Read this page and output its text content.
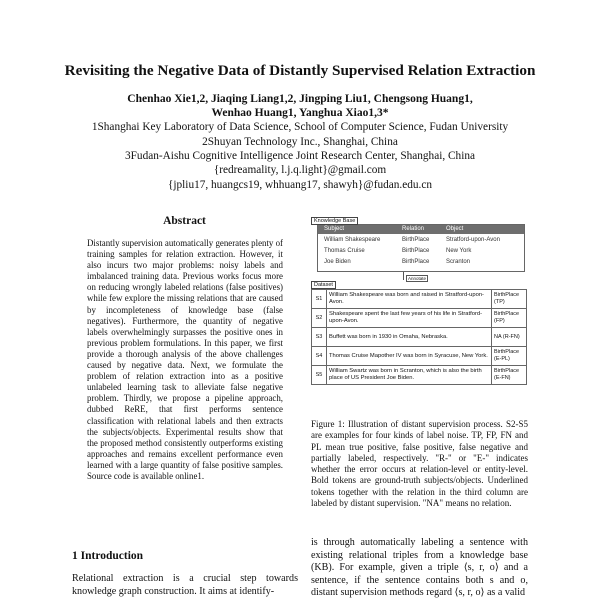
Revisiting the Negative Data of Distantly Supervised Relation Extraction
Chenhao Xie1,2, Jiaqing Liang1,2, Jingping Liu1, Chengsong Huang1,
Wenhao Huang1, Yanghua Xiao1,3*
1Shanghai Key Laboratory of Data Science, School of Computer Science, Fudan University
2Shuyan Technology Inc., Shanghai, China
3Fudan-Aishu Cognitive Intelligence Joint Research Center, Shanghai, China
{redreamality, l.j.q.light}@gmail.com
{jpliu17, huangcs19, whhuang17, shawyh}@fudan.edu.cn
Abstract
Distantly supervision automatically generates plenty of training samples for relation extraction. However, it also incurs two major problems: noisy labels and imbalanced training data. Previous works focus more on reducing wrongly labeled relations (false positives) while few explore the missing relations that are caused by incompleteness of knowledge base (false negatives). Furthermore, the quantity of negative labels overwhelmingly surpasses the positive ones in previous problem formulations. In this paper, we first provide a thorough analysis of the above challenges caused by negative data. Next, we formulate the problem of relation extraction into as a positive unlabeled learning task to alleviate false negative problem. Thirdly, we propose a pipeline approach, dubbed ReRE, that first performs sentence classification with relational labels and then extracts the subjects/objects. Experimental results show that the proposed method consistently outperforms existing approaches and remains excellent performance even learned with a large quantity of false positive samples. Source code is available online1.
1 Introduction
Relational extraction is a crucial step towards knowledge graph construction. It aims at identify-
Subject	Relation	Object
William Shakespeare	BirthPlace	Stratford-upon-Avon
Thomas Cruise	BirthPlace	New York
Joe Biden	BirthPlace	Scranton
Knowledge Base
Annotate
Dataset
S1	William Shakespeare was born and raised in Stratford-upon-Avon.	BirthPlace (TP)
S2	Shakespeare spent the last few years of his life in Stratford-upon-Avon.	BirthPlace (FP)
S3	Buffett was born in 1930 in Omaha, Nebraska.	NA (R-FN)
S4	Thomas Cruise Mapother IV was born in Syracuse, New York.	BirthPlace (E-PL)
S5	William Swartz was born in Scranton, which is also the birth place of US President Joe Biden.	BirthPlace (E-FN)
Figure 1: Illustration of distant supervision process. S2-S5 are examples for four kinds of label noise. TP, FP, FN and PL mean true positive, false positive, false negative and partially labeled, respectively. "R-" or "E-" indicates whether the error occurs at relation-level or entity-level. Bold tokens are ground-truth subjects/objects. Underlined tokens together with the relation in the third column are labeled by distant supervision. "NA" means no relation.
is through automatically labeling a sentence with existing relational triples from a knowledge base (KB). For example, given a triple ⟨s, r, o⟩ and a sentence, if the sentence contains both s and o, distant supervision methods regard ⟨s, r, o⟩ as a valid
